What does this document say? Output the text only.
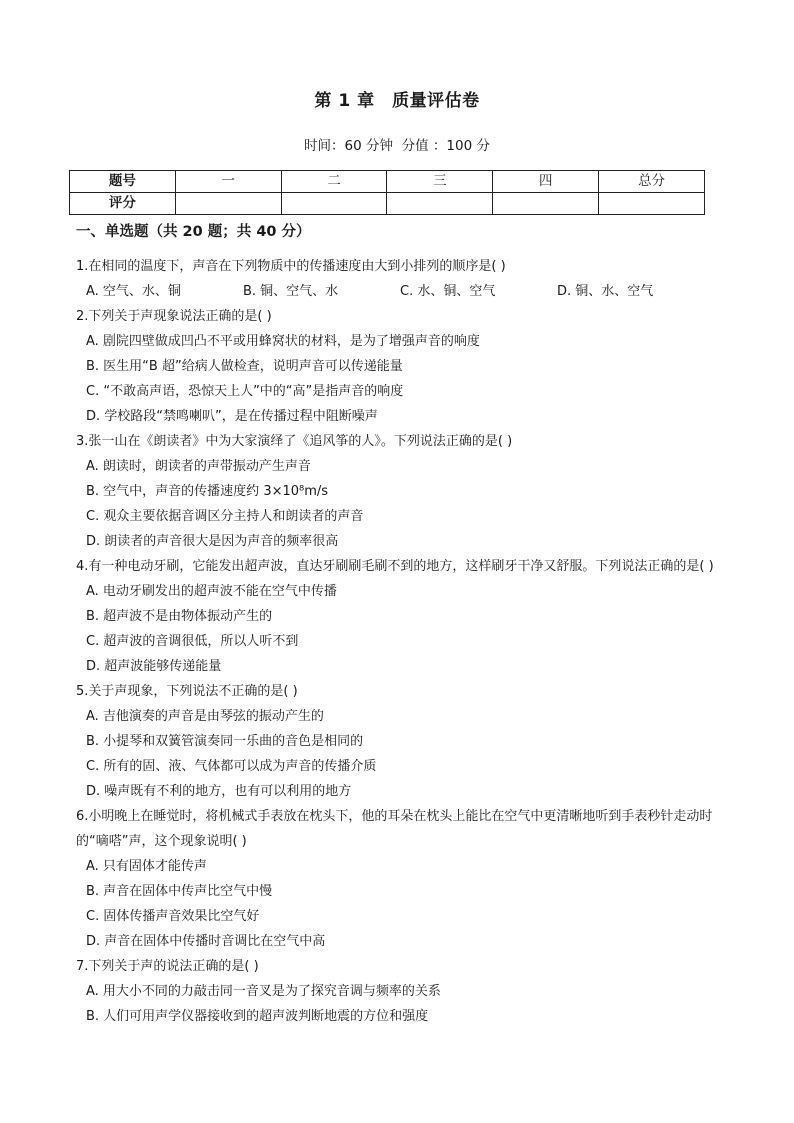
第 1 章　质量评估卷
时间：60 分钟  分值 ：100 分
题号	一	二	三	四	总分
评分					
一、单选题（共 20 题；共 40 分）
1.在相同的温度下，声音在下列物质中的传播速度由大到小排列的顺序是( )
A. 空气、水、铜	B. 铜、空气、水	C. 水、铜、空气	D. 铜、水、空气
2.下列关于声现象说法正确的是( )
A. 剧院四壁做成凹凸不平或用蜂窝状的材料，是为了增强声音的响度
B. 医生用“B 超”给病人做检查，说明声音可以传递能量
C. “不敢高声语，恐惊天上人”中的“高”是指声音的响度
D. 学校路段“禁鸣喇叭”，是在传播过程中阻断噪声
3.张一山在《朗读者》中为大家演绎了《追风筝的人》。下列说法正确的是( )
A. 朗读时，朗读者的声带振动产生声音
B. 空气中，声音的传播速度约 3×10⁸m/s
C. 观众主要依据音调区分主持人和朗读者的声音
D. 朗读者的声音很大是因为声音的频率很高
4.有一种电动牙刷，它能发出超声波，直达牙刷刷毛刷不到的地方，这样刷牙干净又舒服。下列说法正确的是( )
A. 电动牙刷发出的超声波不能在空气中传播
B. 超声波不是由物体振动产生的
C. 超声波的音调很低，所以人听不到
D. 超声波能够传递能量
5.关于声现象，下列说法不正确的是( )
A. 吉他演奏的声音是由琴弦的振动产生的
B. 小提琴和双簧管演奏同一乐曲的音色是相同的
C. 所有的固、液、气体都可以成为声音的传播介质
D. 噪声既有不利的地方，也有可以利用的地方
6.小明晚上在睡觉时，将机械式手表放在枕头下，他的耳朵在枕头上能比在空气中更清晰地听到手表秒针走动时的“嘀嗒”声，这个现象说明( )
A. 只有固体才能传声
B. 声音在固体中传声比空气中慢
C. 固体传播声音效果比空气好
D. 声音在固体中传播时音调比在空气中高
7.下列关于声的说法正确的是( )
A. 用大小不同的力敲击同一音叉是为了探究音调与频率的关系
B. 人们可用声学仪器接收到的超声波判断地震的方位和强度
